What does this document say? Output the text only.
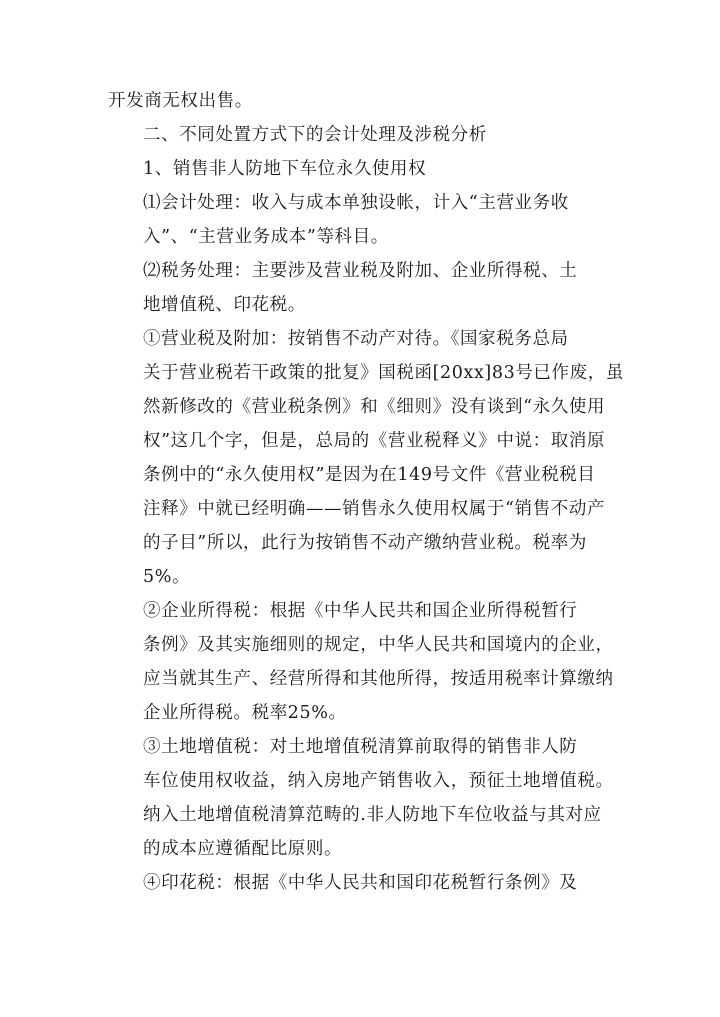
开发商无权出售。

二、不同处置方式下的会计处理及涉税分析

1、销售非人防地下车位永久使用权

⑴会计处理：收入与成本单独设帐，计入“主营业务收
入”、“主营业务成本”等科目。

⑵税务处理：主要涉及营业税及附加、企业所得税、土
地增值税、印花税。

①营业税及附加：按销售不动产对待。《国家税务总局
关于营业税若干政策的批复》国税函[20xx]83号已作废，虽
然新修改的《营业税条例》和《细则》没有谈到“永久使用
权”这几个字，但是，总局的《营业税释义》中说：取消原
条例中的“永久使用权”是因为在149号文件《营业税税目
注释》中就已经明确——销售永久使用权属于“销售不动产
的子目”所以，此行为按销售不动产缴纳营业税。税率为
5%。

②企业所得税：根据《中华人民共和国企业所得税暂行
条例》及其实施细则的规定，中华人民共和国境内的企业，
应当就其生产、经营所得和其他所得，按适用税率计算缴纳
企业所得税。税率25%。

③土地增值税：对土地增值税清算前取得的销售非人防
车位使用权收益，纳入房地产销售收入，预征土地增值税。
纳入土地增值税清算范畴的.非人防地下车位收益与其对应
的成本应遵循配比原则。

④印花税：根据《中华人民共和国印花税暂行条例》及
